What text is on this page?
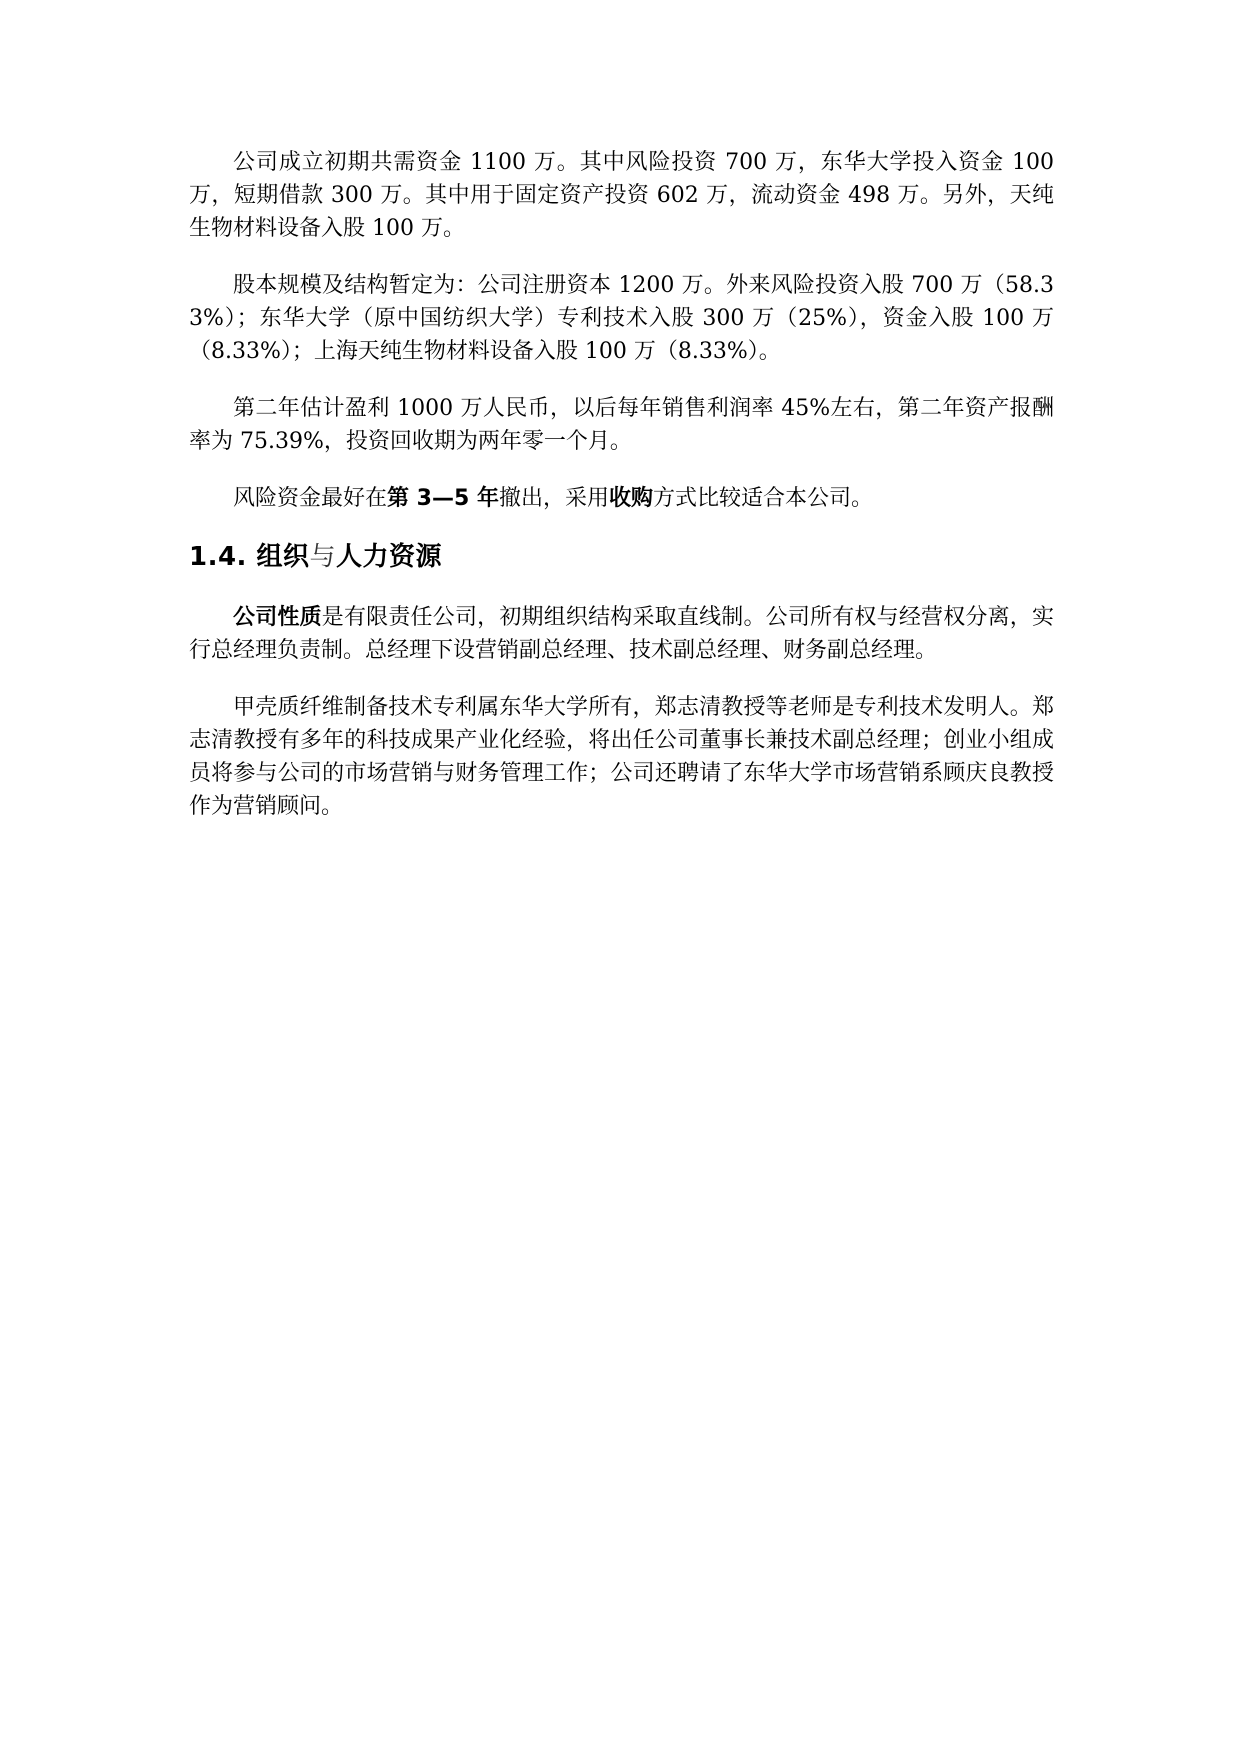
公司成立初期共需资金 1100 万。其中风险投资 700 万，东华大学投入资金 100 万，短期借款 300 万。其中用于固定资产投资 602 万，流动资金 498 万。另外，天纯生物材料设备入股 100 万。

股本规模及结构暂定为：公司注册资本 1200 万。外来风险投资入股 700 万（58.33%）；东华大学（原中国纺织大学）专利技术入股 300 万（25%），资金入股 100 万（8.33%）；上海天纯生物材料设备入股 100 万（8.33%）。

第二年估计盈利 1000 万人民币，以后每年销售利润率 45%左右，第二年资产报酬率为 75.39%，投资回收期为两年零一个月。

风险资金最好在第 3—5 年撤出，采用收购方式比较适合本公司。

1.4. 组织与人力资源

公司性质是有限责任公司，初期组织结构采取直线制。公司所有权与经营权分离，实行总经理负责制。总经理下设营销副总经理、技术副总经理、财务副总经理。

甲壳质纤维制备技术专利属东华大学所有，郑志清教授等老师是专利技术发明人。郑志清教授有多年的科技成果产业化经验，将出任公司董事长兼技术副总经理；创业小组成员将参与公司的市场营销与财务管理工作；公司还聘请了东华大学市场营销系顾庆良教授作为营销顾问。
